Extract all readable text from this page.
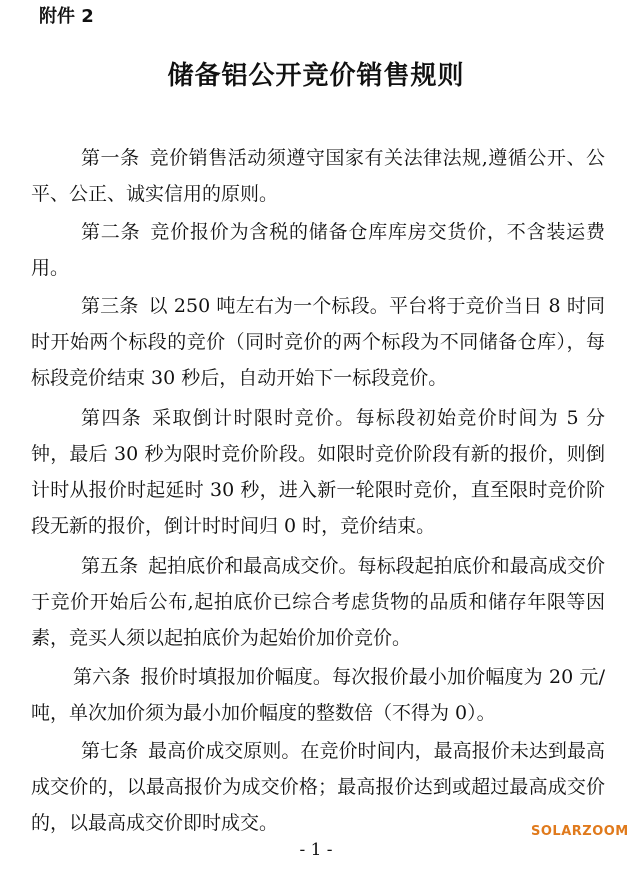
附件 2
储备铝公开竞价销售规则

第一条 竞价销售活动须遵守国家有关法律法规,遵循公开、公平、公正、诚实信用的原则。

第二条 竞价报价为含税的储备仓库库房交货价，不含装运费用。

第三条 以 250 吨左右为一个标段。平台将于竞价当日 8 时同时开始两个标段的竞价（同时竞价的两个标段为不同储备仓库），每标段竞价结束 30 秒后，自动开始下一标段竞价。

第四条 采取倒计时限时竞价。每标段初始竞价时间为 5 分钟，最后 30 秒为限时竞价阶段。如限时竞价阶段有新的报价，则倒计时从报价时起延时 30 秒，进入新一轮限时竞价，直至限时竞价阶段无新的报价，倒计时时间归 0 时，竞价结束。

第五条 起拍底价和最高成交价。每标段起拍底价和最高成交价于竞价开始后公布,起拍底价已综合考虑货物的品质和储存年限等因素，竞买人须以起拍底价为起始价加价竞价。

第六条 报价时填报加价幅度。每次报价最小加价幅度为 20 元/吨，单次加价须为最小加价幅度的整数倍（不得为 0）。

第七条 最高价成交原则。在竞价时间内，最高报价未达到最高成交价的，以最高报价为成交价格；最高报价达到或超过最高成交价的，以最高成交价即时成交。

- 1 -
SOLARZOOM
